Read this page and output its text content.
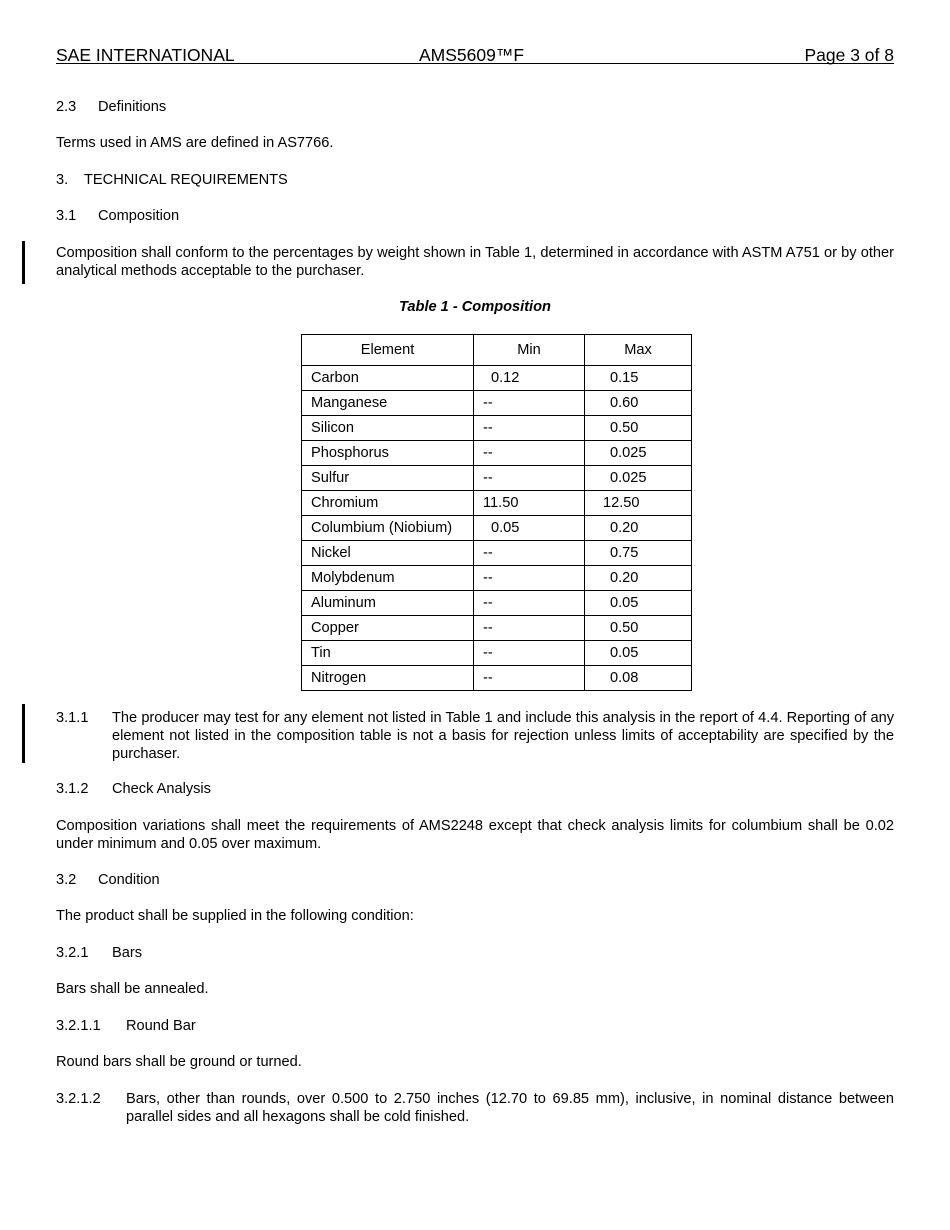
SAE INTERNATIONAL	AMS5609™F	Page 3 of 8
2.3 Definitions
Terms used in AMS are defined in AS7766.
3. TECHNICAL REQUIREMENTS
3.1 Composition
Composition shall conform to the percentages by weight shown in Table 1, determined in accordance with ASTM A751 or by other analytical methods acceptable to the purchaser.
Table 1 - Composition
Element	Min	Max
Carbon	0.12	0.15
Manganese	--	0.60
Silicon	--	0.50
Phosphorus	--	0.025
Sulfur	--	0.025
Chromium	11.50	12.50
Columbium (Niobium)	0.05	0.20
Nickel	--	0.75
Molybdenum	--	0.20
Aluminum	--	0.05
Copper	--	0.50
Tin	--	0.05
Nitrogen	--	0.08
3.1.1 The producer may test for any element not listed in Table 1 and include this analysis in the report of 4.4. Reporting of any element not listed in the composition table is not a basis for rejection unless limits of acceptability are specified by the purchaser.
3.1.2 Check Analysis
Composition variations shall meet the requirements of AMS2248 except that check analysis limits for columbium shall be 0.02 under minimum and 0.05 over maximum.
3.2 Condition
The product shall be supplied in the following condition:
3.2.1 Bars
Bars shall be annealed.
3.2.1.1 Round Bar
Round bars shall be ground or turned.
3.2.1.2 Bars, other than rounds, over 0.500 to 2.750 inches (12.70 to 69.85 mm), inclusive, in nominal distance between parallel sides and all hexagons shall be cold finished.
